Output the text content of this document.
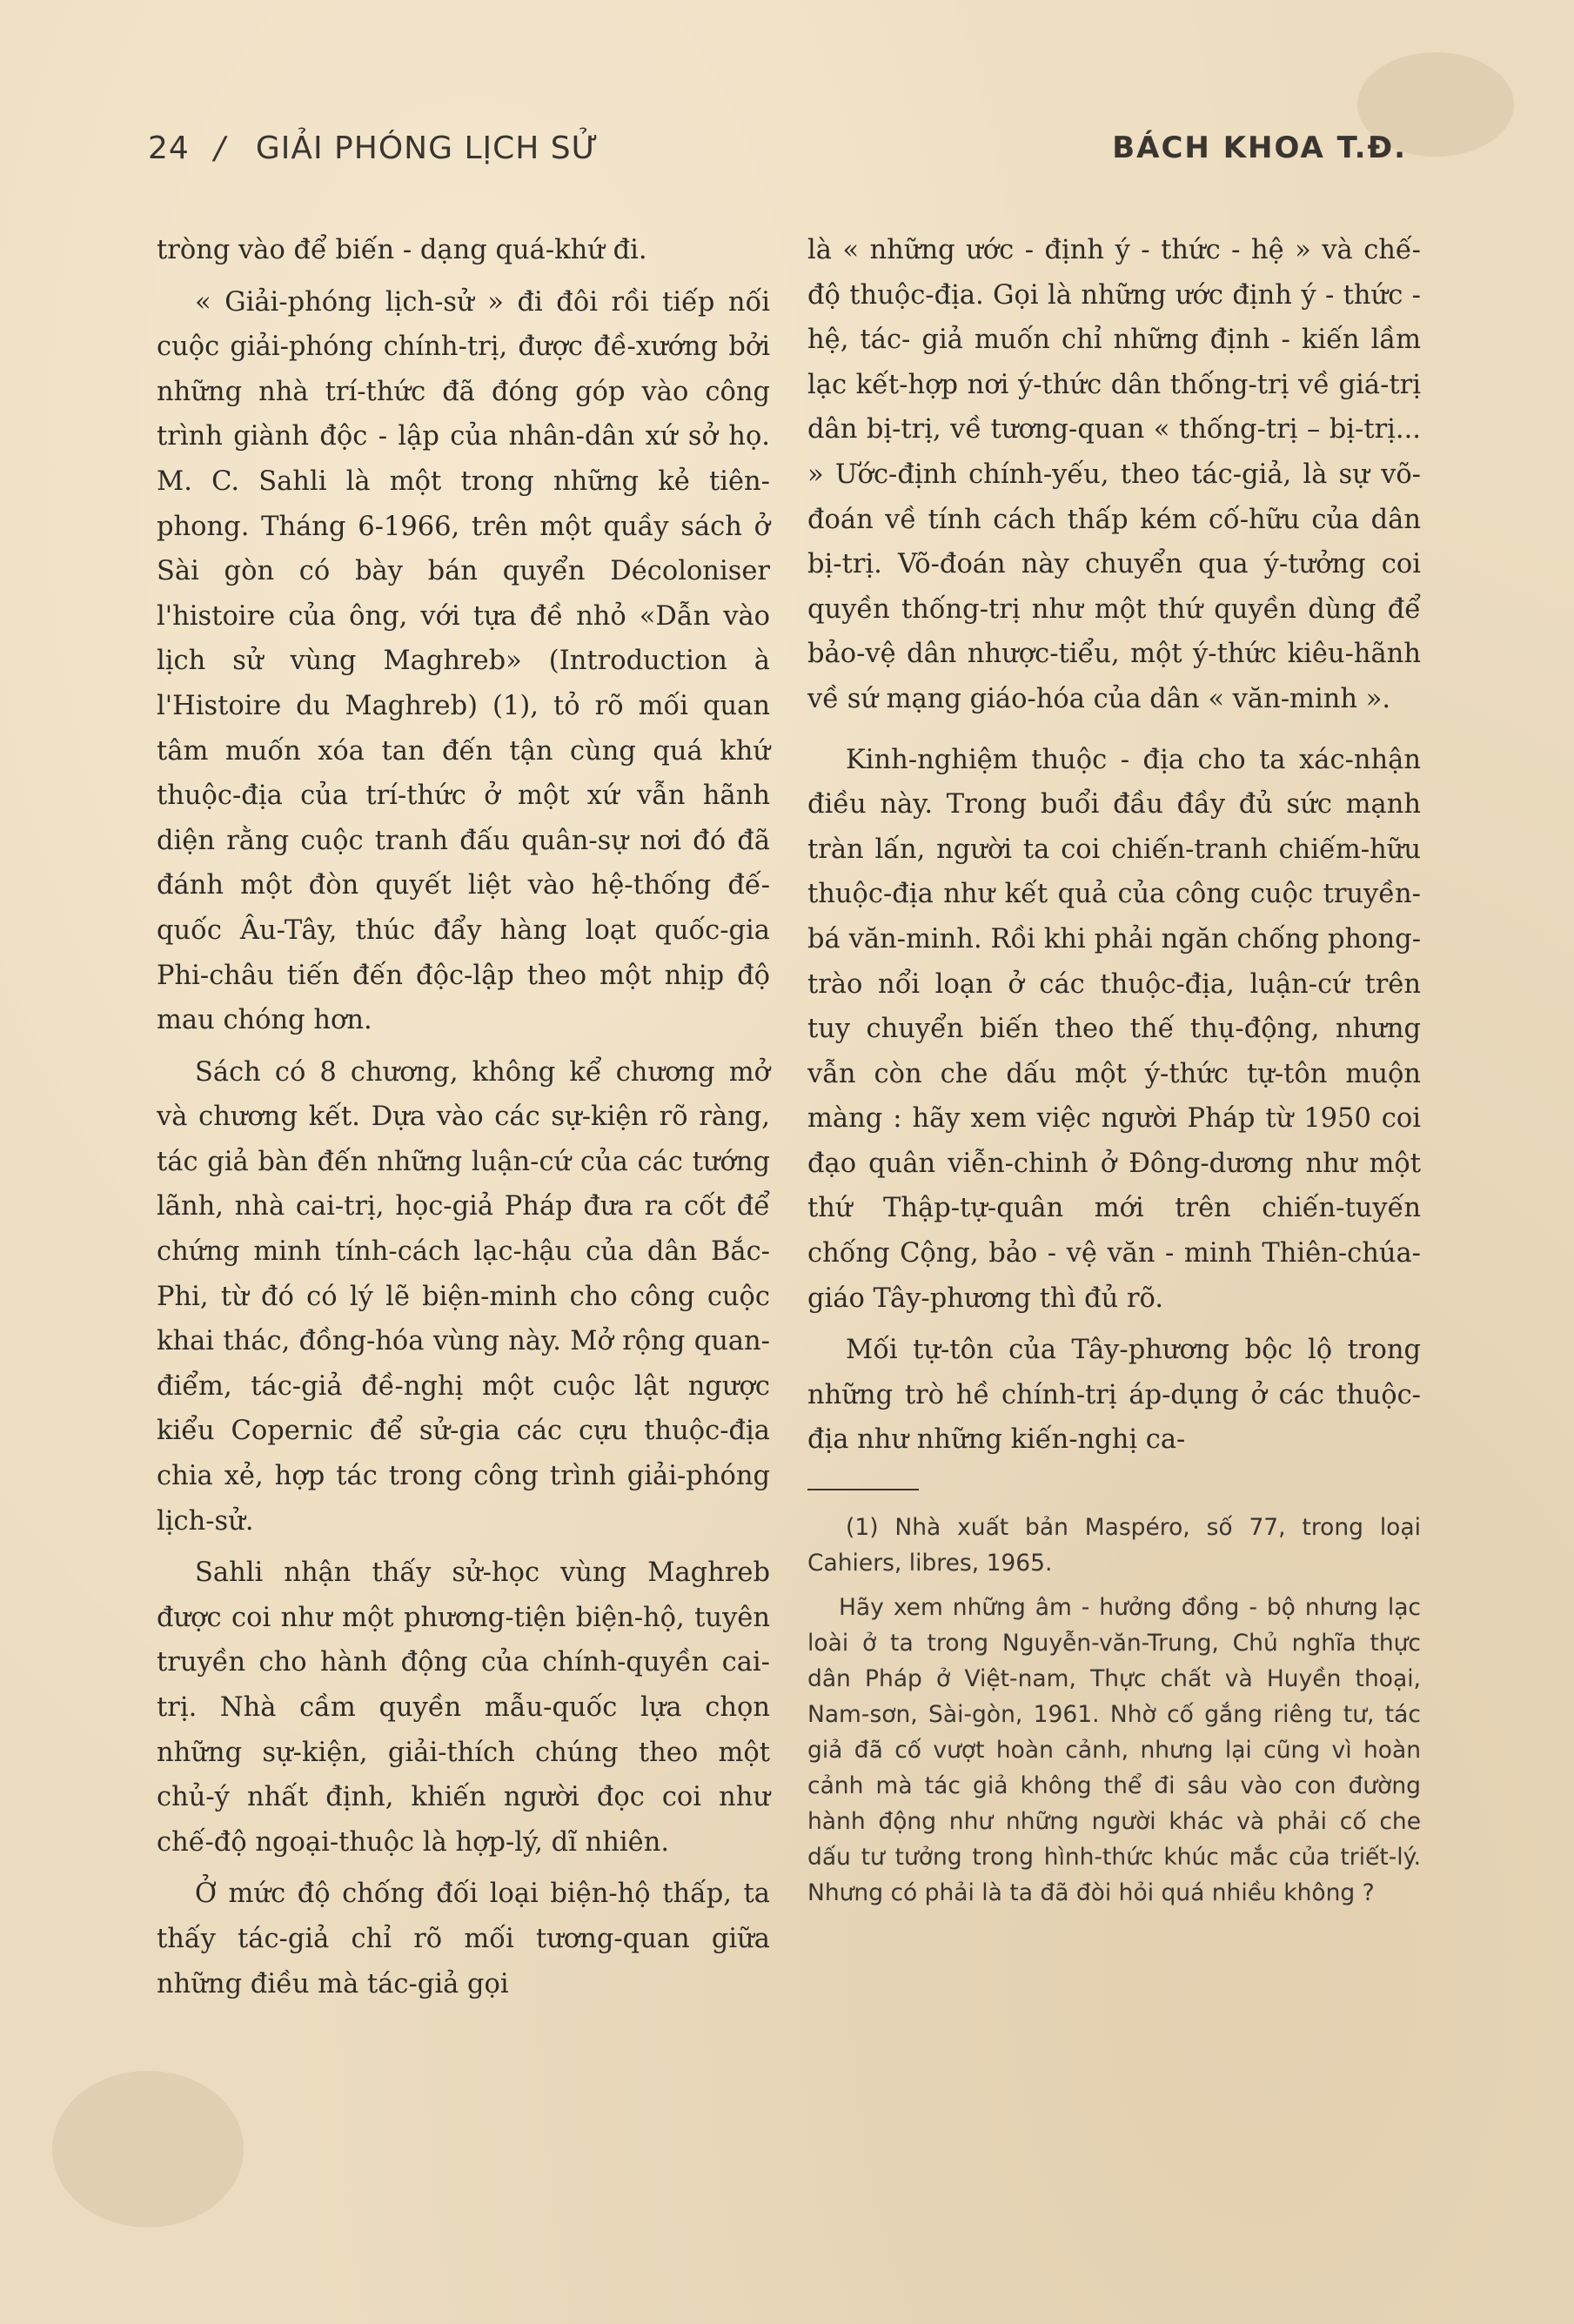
24 / GIẢI PHÓNG LỊCH SỬ	BÁCH KHOA T.Đ.

tròng vào để biến - dạng quá-khứ đi.

« Giải-phóng lịch-sử » đi đôi rồi tiếp nối cuộc giải-phóng chính-trị, được đề-xướng bởi những nhà trí-thức đã đóng góp vào công trình giành độc - lập của nhân-dân xứ sở họ. M. C. Sahli là một trong những kẻ tiên-phong. Tháng 6-1966, trên một quầy sách ở Sài gòn có bày bán quyển Décoloniser l'histoire của ông, với tựa đề nhỏ «Dẫn vào lịch sử vùng Maghreb» (Introduction à l'Histoire du Maghreb) (1), tỏ rõ mối quan tâm muốn xóa tan đến tận cùng quá khứ thuộc-địa của trí-thức ở một xứ vẫn hãnh diện rằng cuộc tranh đấu quân-sự nơi đó đã đánh một đòn quyết liệt vào hệ-thống đế-quốc Âu-Tây, thúc đẩy hàng loạt quốc-gia Phi-châu tiến đến độc-lập theo một nhịp độ mau chóng hơn.

Sách có 8 chương, không kể chương mở và chương kết. Dựa vào các sự-kiện rõ ràng, tác giả bàn đến những luận-cứ của các tướng lãnh, nhà cai-trị, học-giả Pháp đưa ra cốt để chứng minh tính-cách lạc-hậu của dân Bắc-Phi, từ đó có lý lẽ biện-minh cho công cuộc khai thác, đồng-hóa vùng này. Mở rộng quan-điểm, tác-giả đề-nghị một cuộc lật ngược kiểu Copernic để sử-gia các cựu thuộc-địa chia xẻ, hợp tác trong công trình giải-phóng lịch-sử.

Sahli nhận thấy sử-học vùng Maghreb được coi như một phương-tiện biện-hộ, tuyên truyền cho hành động của chính-quyền cai-trị. Nhà cầm quyền mẫu-quốc lựa chọn những sự-kiện, giải-thích chúng theo một chủ-ý nhất định, khiến người đọc coi như chế-độ ngoại-thuộc là hợp-lý, dĩ nhiên.

Ở mức độ chống đối loại biện-hộ thấp, ta thấy tác-giả chỉ rõ mối tương-quan giữa những điều mà tác-giả gọi

là « những ước - định ý - thức - hệ » và chế-độ thuộc-địa. Gọi là những ước định ý - thức - hệ, tác- giả muốn chỉ những định - kiến lầm lạc kết-hợp nơi ý-thức dân thống-trị về giá-trị dân bị-trị, về tương-quan « thống-trị – bị-trị... » Ước-định chính-yếu, theo tác-giả, là sự võ-đoán về tính cách thấp kém cố-hữu của dân bị-trị. Võ-đoán này chuyển qua ý-tưởng coi quyền thống-trị như một thứ quyền dùng để bảo-vệ dân nhược-tiểu, một ý-thức kiêu-hãnh về sứ mạng giáo-hóa của dân « văn-minh ».

Kinh-nghiệm thuộc - địa cho ta xác-nhận điều này. Trong buổi đầu đầy đủ sức mạnh tràn lấn, người ta coi chiến-tranh chiếm-hữu thuộc-địa như kết quả của công cuộc truyền-bá văn-minh. Rồi khi phải ngăn chống phong-trào nổi loạn ở các thuộc-địa, luận-cứ trên tuy chuyển biến theo thế thụ-động, nhưng vẫn còn che dấu một ý-thức tự-tôn muộn màng : hãy xem việc người Pháp từ 1950 coi đạo quân viễn-chinh ở Đông-dương như một thứ Thập-tự-quân mới trên chiến-tuyến chống Cộng, bảo - vệ văn - minh Thiên-chúa-giáo Tây-phương thì đủ rõ.

Mối tự-tôn của Tây-phương bộc lộ trong những trò hề chính-trị áp-dụng ở các thuộc-địa như những kiến-nghị ca-

(1) Nhà xuất bản Maspéro, số 77, trong loại Cahiers, libres, 1965.

Hãy xem những âm - hưởng đồng - bộ nhưng lạc loài ở ta trong Nguyễn-văn-Trung, Chủ nghĩa thực dân Pháp ở Việt-nam, Thực chất và Huyền thoại, Nam-sơn, Sài-gòn, 1961. Nhờ cố gắng riêng tư, tác giả đã cố vượt hoàn cảnh, nhưng lại cũng vì hoàn cảnh mà tác giả không thể đi sâu vào con đường hành động như những người khác và phải cố che dấu tư tưởng trong hình-thức khúc mắc của triết-lý. Nhưng có phải là ta đã đòi hỏi quá nhiều không ?
